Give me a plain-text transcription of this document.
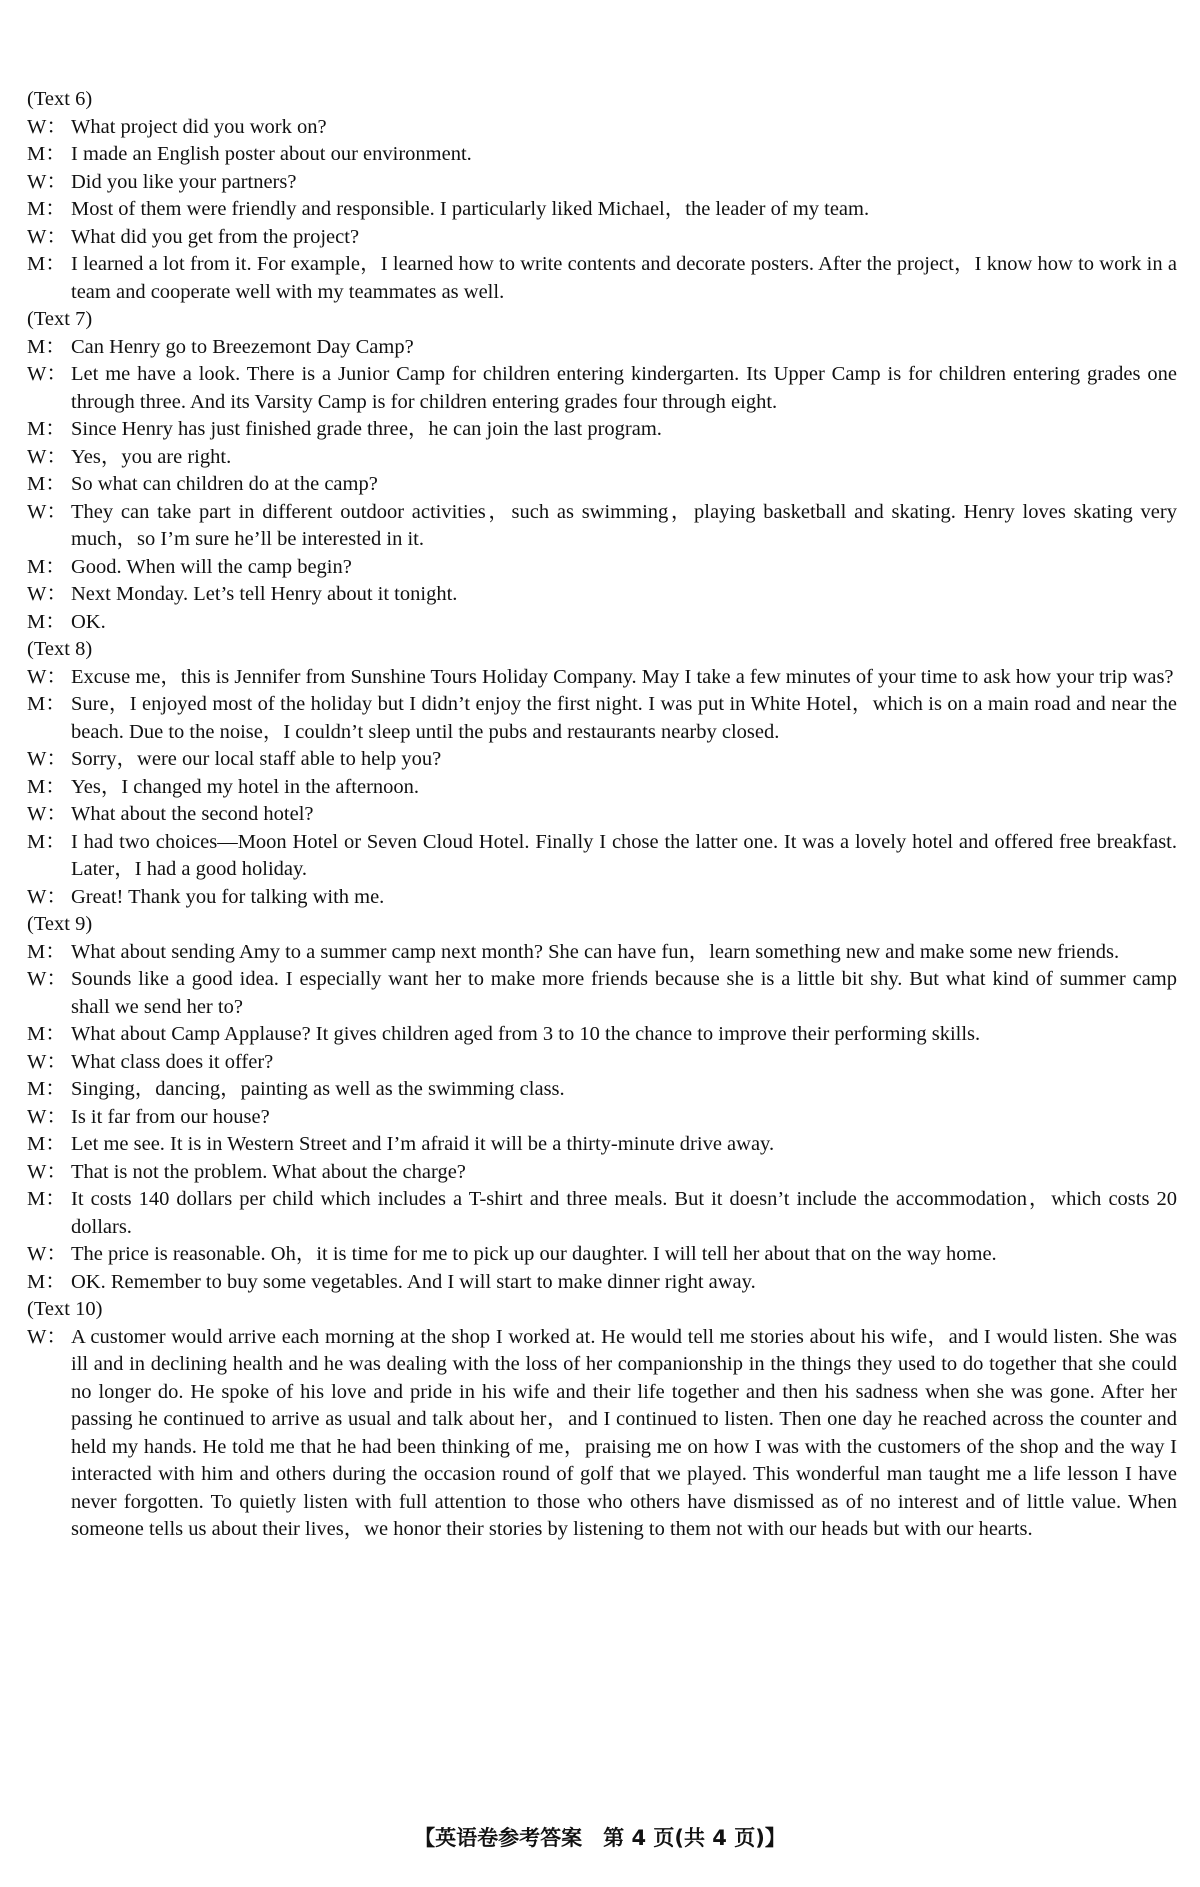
(Text 6)
W： What project did you work on?
M： I made an English poster about our environment.
W： Did you like your partners?
M： Most of them were friendly and responsible. I particularly liked Michael，the leader of my team.
W： What did you get from the project?
M： I learned a lot from it. For example，I learned how to write contents and decorate posters. After the project，I know how to work in a team and cooperate well with my teammates as well.
(Text 7)
M： Can Henry go to Breezemont Day Camp?
W： Let me have a look. There is a Junior Camp for children entering kindergarten. Its Upper Camp is for children entering grades one through three. And its Varsity Camp is for children entering grades four through eight.
M： Since Henry has just finished grade three，he can join the last program.
W： Yes，you are right.
M： So what can children do at the camp?
W： They can take part in different outdoor activities，such as swimming，playing basketball and skating. Henry loves skating very much，so I’m sure he’ll be interested in it.
M： Good. When will the camp begin?
W： Next Monday. Let’s tell Henry about it tonight.
M： OK.
(Text 8)
W： Excuse me，this is Jennifer from Sunshine Tours Holiday Company. May I take a few minutes of your time to ask how your trip was?
M： Sure，I enjoyed most of the holiday but I didn’t enjoy the first night. I was put in White Hotel，which is on a main road and near the beach. Due to the noise，I couldn’t sleep until the pubs and restaurants nearby closed.
W： Sorry，were our local staff able to help you?
M： Yes，I changed my hotel in the afternoon.
W： What about the second hotel?
M： I had two choices—Moon Hotel or Seven Cloud Hotel. Finally I chose the latter one. It was a lovely hotel and offered free breakfast. Later，I had a good holiday.
W： Great! Thank you for talking with me.
(Text 9)
M： What about sending Amy to a summer camp next month? She can have fun，learn something new and make some new friends.
W： Sounds like a good idea. I especially want her to make more friends because she is a little bit shy. But what kind of summer camp shall we send her to?
M： What about Camp Applause? It gives children aged from 3 to 10 the chance to improve their performing skills.
W： What class does it offer?
M： Singing，dancing，painting as well as the swimming class.
W： Is it far from our house?
M： Let me see. It is in Western Street and I’m afraid it will be a thirty-minute drive away.
W： That is not the problem. What about the charge?
M： It costs 140 dollars per child which includes a T-shirt and three meals. But it doesn’t include the accommodation，which costs 20 dollars.
W： The price is reasonable. Oh，it is time for me to pick up our daughter. I will tell her about that on the way home.
M： OK. Remember to buy some vegetables. And I will start to make dinner right away.
(Text 10)
W： A customer would arrive each morning at the shop I worked at. He would tell me stories about his wife，and I would listen. She was ill and in declining health and he was dealing with the loss of her companionship in the things they used to do together that she could no longer do. He spoke of his love and pride in his wife and their life together and then his sadness when she was gone. After her passing he continued to arrive as usual and talk about her，and I continued to listen. Then one day he reached across the counter and held my hands. He told me that he had been thinking of me，praising me on how I was with the customers of the shop and the way I interacted with him and others during the occasion round of golf that we played. This wonderful man taught me a life lesson I have never forgotten. To quietly listen with full attention to those who others have dismissed as of no interest and of little value. When someone tells us about their lives，we honor their stories by listening to them not with our heads but with our hearts.
【英语卷参考答案　第 4 页(共 4 页)】
